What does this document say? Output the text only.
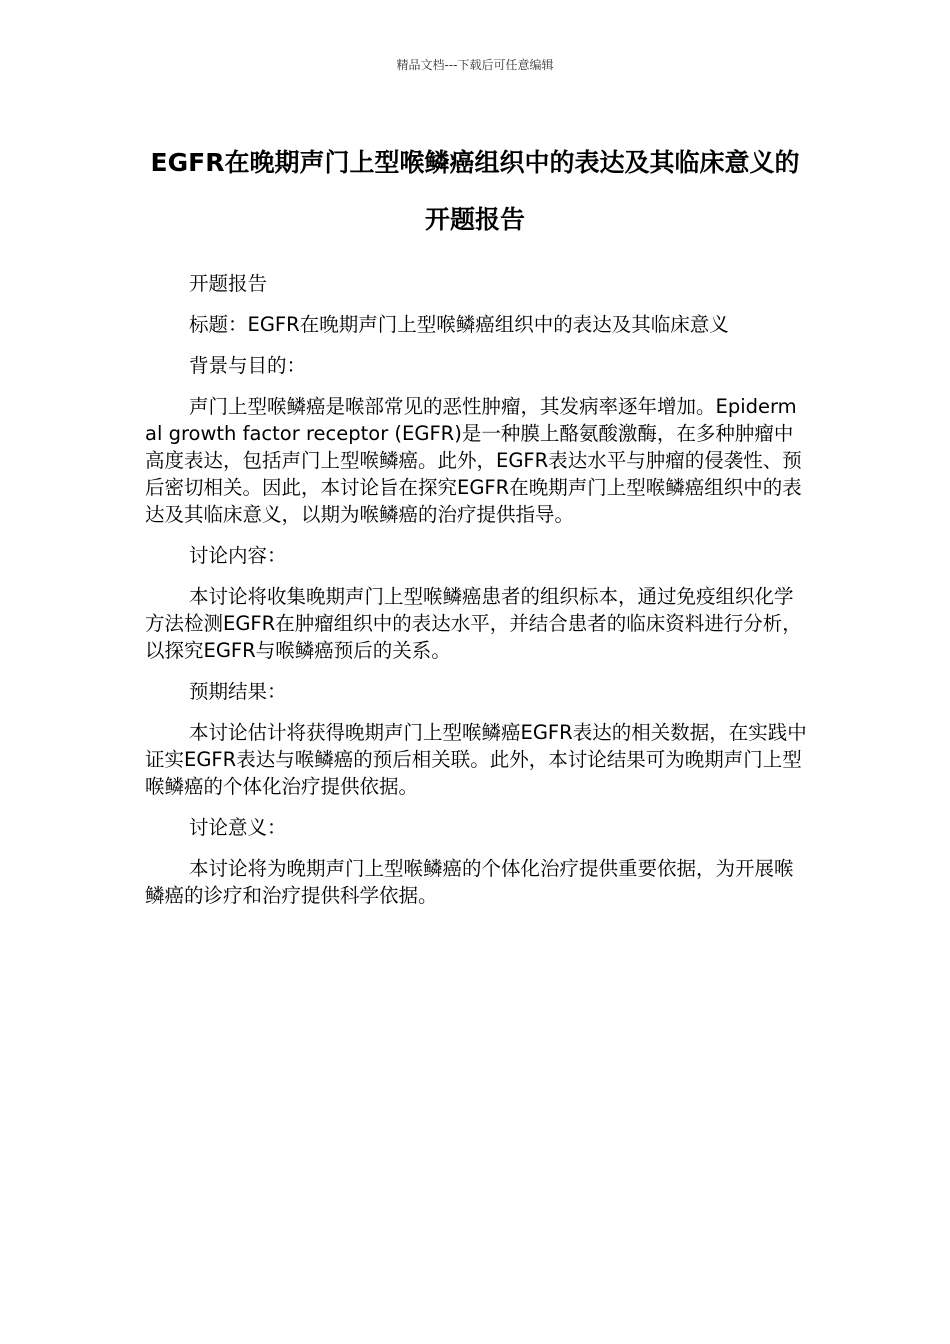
精品文档---下载后可任意编辑
EGFR在晚期声门上型喉鳞癌组织中的表达及其临床意义的开题报告

开题报告

标题：EGFR在晚期声门上型喉鳞癌组织中的表达及其临床意义

背景与目的：

声门上型喉鳞癌是喉部常见的恶性肿瘤，其发病率逐年增加。Epidermal growth factor receptor (EGFR)是一种膜上酪氨酸激酶，在多种肿瘤中高度表达，包括声门上型喉鳞癌。此外，EGFR表达水平与肿瘤的侵袭性、预后密切相关。因此，本讨论旨在探究EGFR在晚期声门上型喉鳞癌组织中的表达及其临床意义，以期为喉鳞癌的治疗提供指导。

讨论内容：

本讨论将收集晚期声门上型喉鳞癌患者的组织标本，通过免疫组织化学方法检测EGFR在肿瘤组织中的表达水平，并结合患者的临床资料进行分析，以探究EGFR与喉鳞癌预后的关系。

预期结果：

本讨论估计将获得晚期声门上型喉鳞癌EGFR表达的相关数据，在实践中证实EGFR表达与喉鳞癌的预后相关联。此外，本讨论结果可为晚期声门上型喉鳞癌的个体化治疗提供依据。

讨论意义：

本讨论将为晚期声门上型喉鳞癌的个体化治疗提供重要依据，为开展喉鳞癌的诊疗和治疗提供科学依据。
